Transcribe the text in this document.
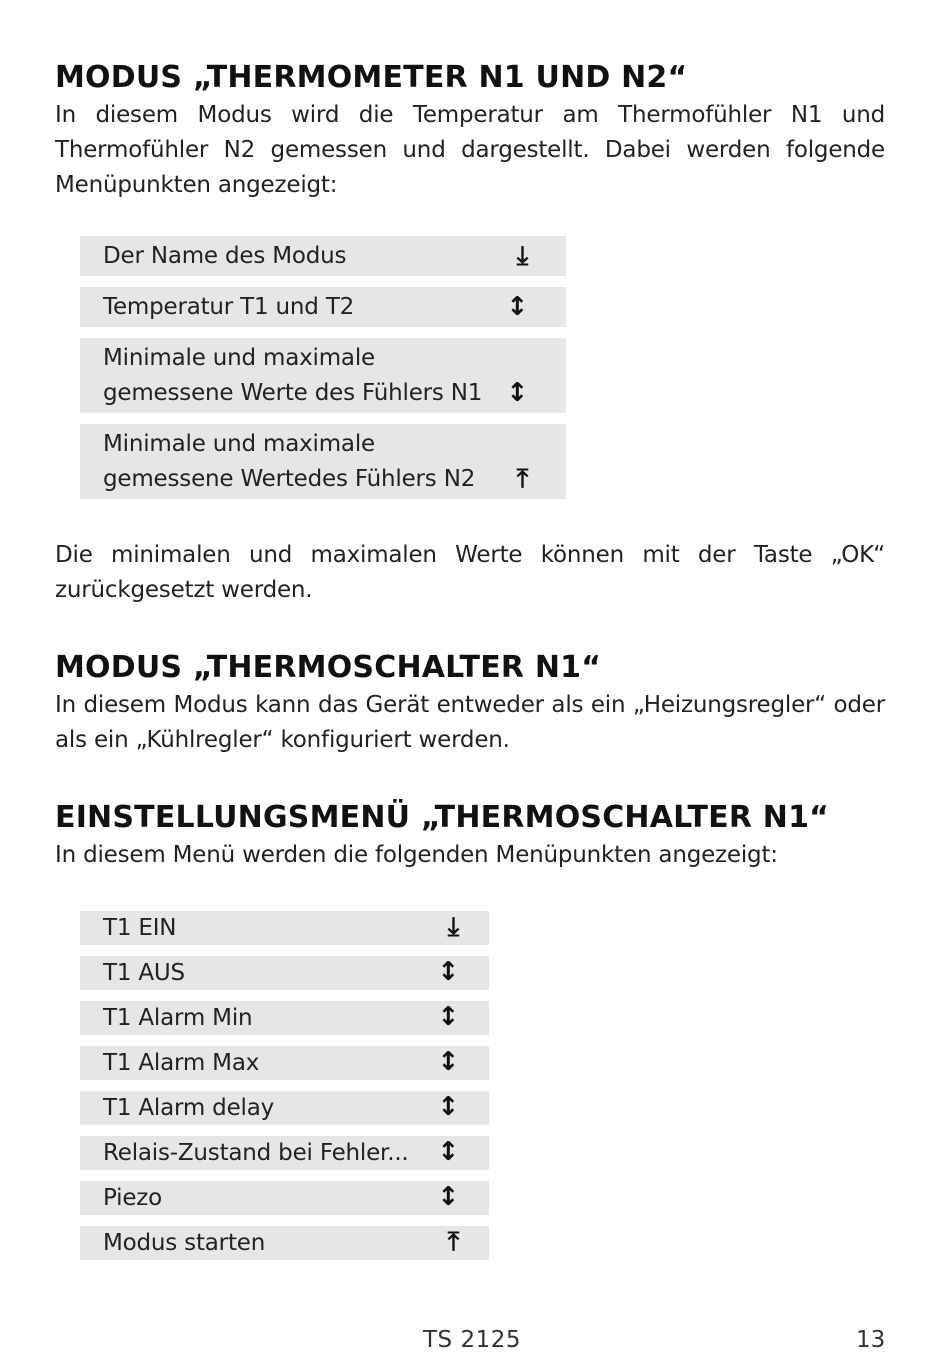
MODUS „THERMOMETER N1 UND N2“

In diesem Modus wird die Temperatur am Thermofühler N1 und Thermofühler N2 gemessen und dargestellt. Dabei werden folgende Menüpunkten angezeigt:

Der Name des Modus	⤓
Temperatur T1 und T2	↕
Minimale und maximale gemessene Werte des Fühlers N1 ↕
Minimale und maximale gemessene Wertedes Fühlers N2	⤒

Die minimalen und maximalen Werte können mit der Taste „OK“ zurückgesetzt werden.

MODUS „THERMOSCHALTER N1“

In diesem Modus kann das Gerät entweder als ein „Heizungsregler“ oder als ein „Kühlregler“ konfiguriert werden.

EINSTELLUNGSMENÜ „THERMOSCHALTER N1“

In diesem Menü werden die folgenden Menüpunkten angezeigt:

T1 EIN	⤓
T1 AUS	↕
T1 Alarm Min	↕
T1 Alarm Max	↕
T1 Alarm delay	↕
Relais-Zustand bei Fehler...	↕
Piezo	↕
Modus starten	⤒
TS 2125	13
